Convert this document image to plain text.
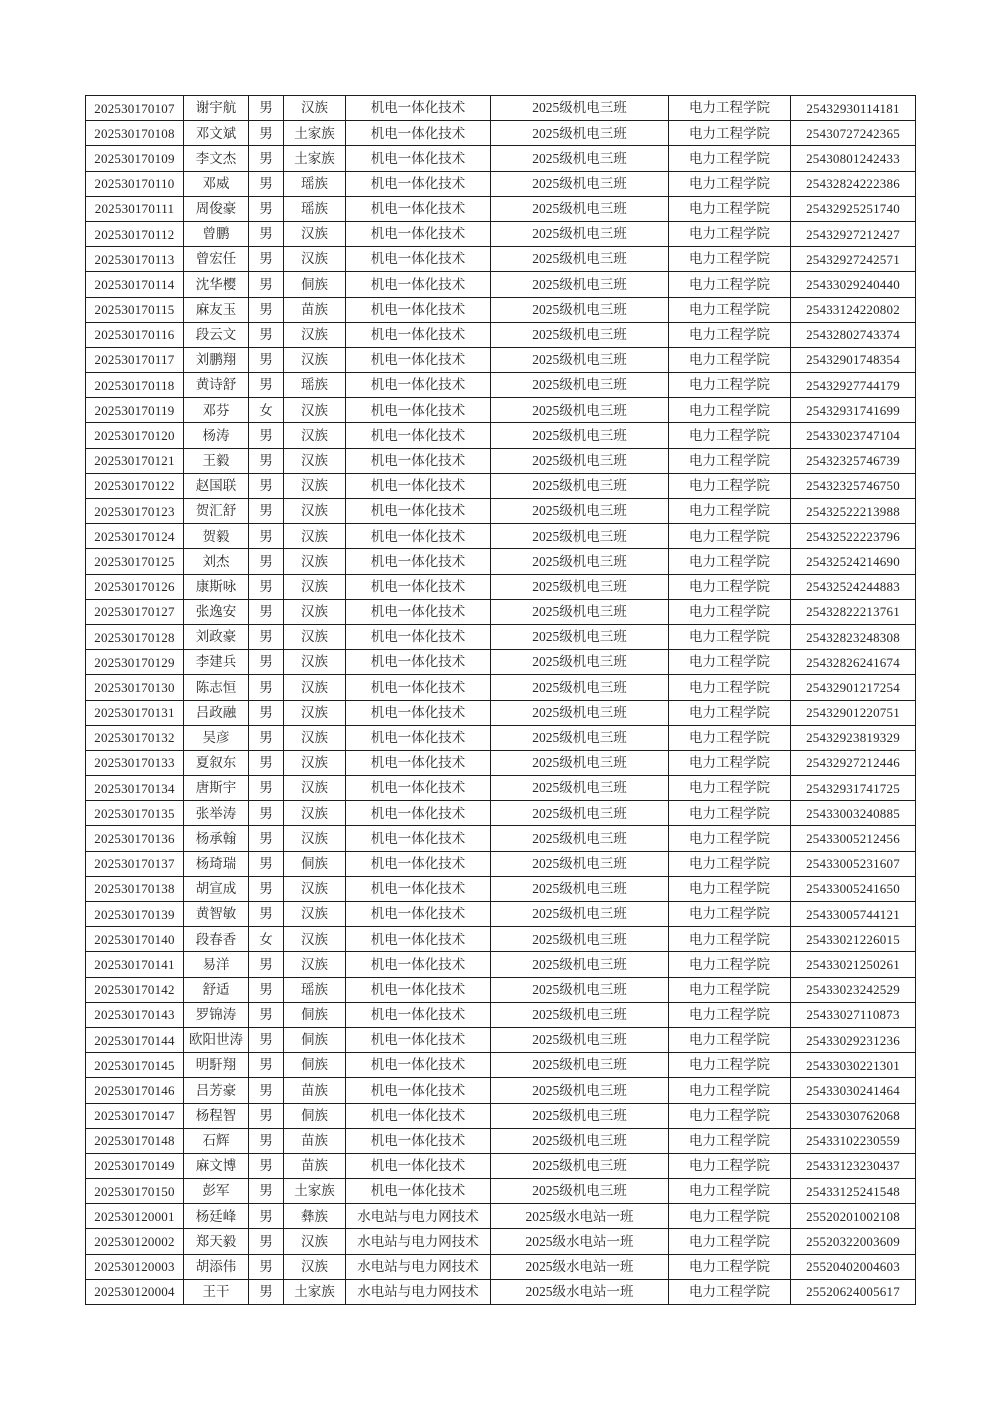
202530170107	谢宇航	男	汉族	机电一体化技术	2025级机电三班	电力工程学院	25432930114181
202530170108	邓文斌	男	土家族	机电一体化技术	2025级机电三班	电力工程学院	25430727242365
202530170109	李文杰	男	土家族	机电一体化技术	2025级机电三班	电力工程学院	25430801242433
202530170110	邓威	男	瑶族	机电一体化技术	2025级机电三班	电力工程学院	25432824222386
202530170111	周俊豪	男	瑶族	机电一体化技术	2025级机电三班	电力工程学院	25432925251740
202530170112	曾鹏	男	汉族	机电一体化技术	2025级机电三班	电力工程学院	25432927212427
202530170113	曾宏任	男	汉族	机电一体化技术	2025级机电三班	电力工程学院	25432927242571
202530170114	沈华樱	男	侗族	机电一体化技术	2025级机电三班	电力工程学院	25433029240440
202530170115	麻友玉	男	苗族	机电一体化技术	2025级机电三班	电力工程学院	25433124220802
202530170116	段云文	男	汉族	机电一体化技术	2025级机电三班	电力工程学院	25432802743374
202530170117	刘鹏翔	男	汉族	机电一体化技术	2025级机电三班	电力工程学院	25432901748354
202530170118	黄诗舒	男	瑶族	机电一体化技术	2025级机电三班	电力工程学院	25432927744179
202530170119	邓芬	女	汉族	机电一体化技术	2025级机电三班	电力工程学院	25432931741699
202530170120	杨涛	男	汉族	机电一体化技术	2025级机电三班	电力工程学院	25433023747104
202530170121	王毅	男	汉族	机电一体化技术	2025级机电三班	电力工程学院	25432325746739
202530170122	赵国联	男	汉族	机电一体化技术	2025级机电三班	电力工程学院	25432325746750
202530170123	贺汇舒	男	汉族	机电一体化技术	2025级机电三班	电力工程学院	25432522213988
202530170124	贺毅	男	汉族	机电一体化技术	2025级机电三班	电力工程学院	25432522223796
202530170125	刘杰	男	汉族	机电一体化技术	2025级机电三班	电力工程学院	25432524214690
202530170126	康斯咏	男	汉族	机电一体化技术	2025级机电三班	电力工程学院	25432524244883
202530170127	张逸安	男	汉族	机电一体化技术	2025级机电三班	电力工程学院	25432822213761
202530170128	刘政豪	男	汉族	机电一体化技术	2025级机电三班	电力工程学院	25432823248308
202530170129	李建兵	男	汉族	机电一体化技术	2025级机电三班	电力工程学院	25432826241674
202530170130	陈志恒	男	汉族	机电一体化技术	2025级机电三班	电力工程学院	25432901217254
202530170131	吕政融	男	汉族	机电一体化技术	2025级机电三班	电力工程学院	25432901220751
202530170132	吴彦	男	汉族	机电一体化技术	2025级机电三班	电力工程学院	25432923819329
202530170133	夏叙东	男	汉族	机电一体化技术	2025级机电三班	电力工程学院	25432927212446
202530170134	唐斯宇	男	汉族	机电一体化技术	2025级机电三班	电力工程学院	25432931741725
202530170135	张举涛	男	汉族	机电一体化技术	2025级机电三班	电力工程学院	25433003240885
202530170136	杨承翰	男	汉族	机电一体化技术	2025级机电三班	电力工程学院	25433005212456
202530170137	杨琦瑞	男	侗族	机电一体化技术	2025级机电三班	电力工程学院	25433005231607
202530170138	胡宣成	男	汉族	机电一体化技术	2025级机电三班	电力工程学院	25433005241650
202530170139	黄智敏	男	汉族	机电一体化技术	2025级机电三班	电力工程学院	25433005744121
202530170140	段春香	女	汉族	机电一体化技术	2025级机电三班	电力工程学院	25433021226015
202530170141	易洋	男	汉族	机电一体化技术	2025级机电三班	电力工程学院	25433021250261
202530170142	舒适	男	瑶族	机电一体化技术	2025级机电三班	电力工程学院	25433023242529
202530170143	罗锦涛	男	侗族	机电一体化技术	2025级机电三班	电力工程学院	25433027110873
202530170144	欧阳世涛	男	侗族	机电一体化技术	2025级机电三班	电力工程学院	25433029231236
202530170145	明馯翔	男	侗族	机电一体化技术	2025级机电三班	电力工程学院	25433030221301
202530170146	吕芳豪	男	苗族	机电一体化技术	2025级机电三班	电力工程学院	25433030241464
202530170147	杨程智	男	侗族	机电一体化技术	2025级机电三班	电力工程学院	25433030762068
202530170148	石辉	男	苗族	机电一体化技术	2025级机电三班	电力工程学院	25433102230559
202530170149	麻文博	男	苗族	机电一体化技术	2025级机电三班	电力工程学院	25433123230437
202530170150	彭军	男	土家族	机电一体化技术	2025级机电三班	电力工程学院	25433125241548
202530120001	杨廷峰	男	彝族	水电站与电力网技术	2025级水电站一班	电力工程学院	25520201002108
202530120002	郑天毅	男	汉族	水电站与电力网技术	2025级水电站一班	电力工程学院	25520322003609
202530120003	胡添伟	男	汉族	水电站与电力网技术	2025级水电站一班	电力工程学院	25520402004603
202530120004	王干	男	土家族	水电站与电力网技术	2025级水电站一班	电力工程学院	25520624005617
